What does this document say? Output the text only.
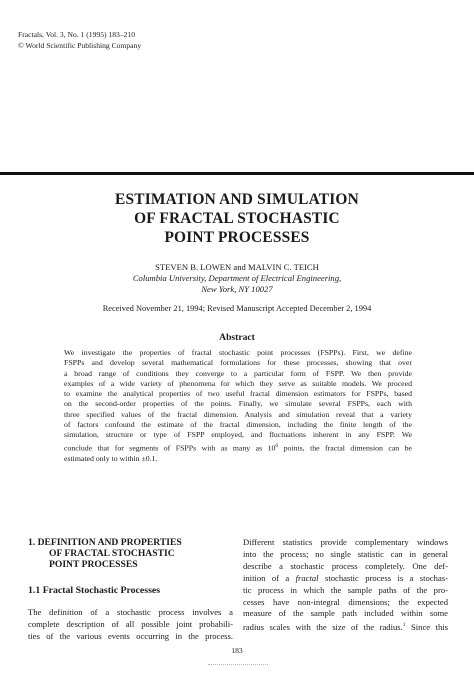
Fractals, Vol. 3, No. 1 (1995) 183–210
© World Scientific Publishing Company
ESTIMATION AND SIMULATION
OF FRACTAL STOCHASTIC
POINT PROCESSES
STEVEN B. LOWEN and MALVIN C. TEICH
Columbia University, Department of Electrical Engineering,
New York, NY 10027
Received November 21, 1994; Revised Manuscript Accepted December 2, 1994
Abstract
We investigate the properties of fractal stochastic point processes (FSPPs). First, we define
FSPPs and develop several mathematical formulations for these processes, showing that over
a broad range of conditions they converge to a particular form of FSPP. We then provide
examples of a wide variety of phenomena for which they serve as suitable models. We proceed
to examine the analytical properties of two useful fractal dimension estimators for FSPPs, based
on the second-order properties of the points. Finally, we simulate several FSPPs, each with
three specified values of the fractal dimension. Analysis and simulation reveal that a variety
of factors confound the estimate of the fractal dimension, including the finite length of the
simulation, structure or type of FSPP employed, and fluctuations inherent in any FSPP. We
conclude that for segments of FSPPs with as many as $10^6$ points, the fractal dimension can be
estimated only to within ±0.1.
1. DEFINITION AND PROPERTIES
OF FRACTAL STOCHASTIC
POINT PROCESSES
1.1 Fractal Stochastic Processes
The definition of a stochastic process involves a
complete description of all possible joint probabili-
ties of the various events occurring in the process.
Different statistics provide complementary windows
into the process; no single statistic can in general
describe a stochastic process completely. One def-
inition of a fractal stochastic process is a stochas-
tic process in which the sample paths of the pro-
cesses have non-integral dimensions; the expected
measure of the sample path included within some
radius scales with the size of the radius.$^1$ Since this
183
